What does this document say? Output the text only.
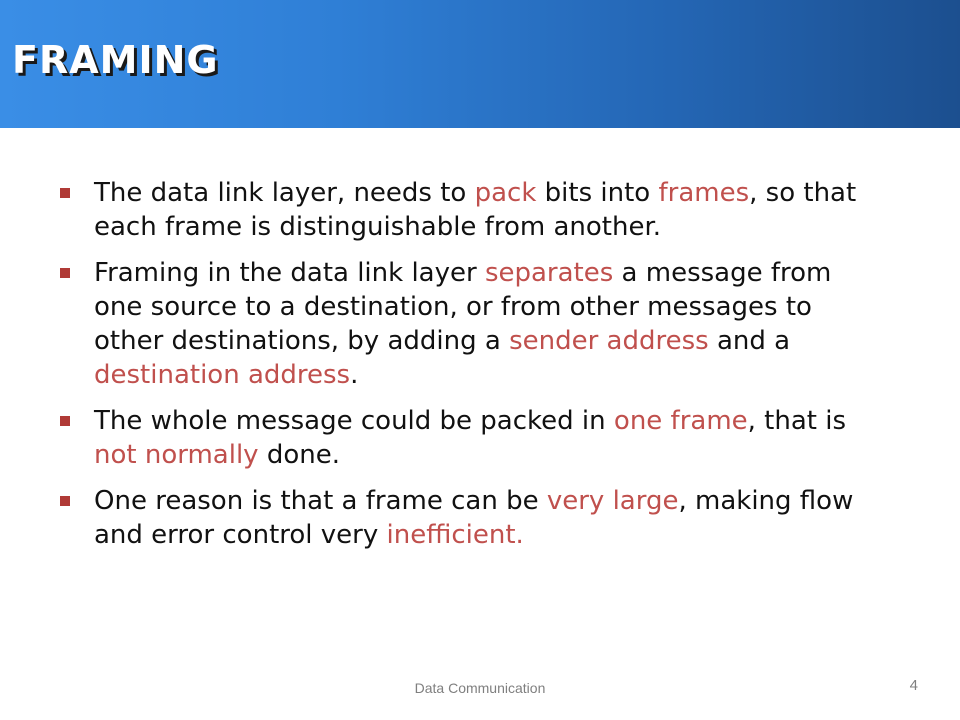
FRAMING
The data link layer, needs to pack bits into frames, so that each frame is distinguishable from another.
Framing in the data link layer separates a message from one source to a destination, or from other messages to other destinations, by adding a sender address and a destination address.
The whole message could be packed in one frame, that is not normally done.
One reason is that a frame can be very large, making flow and error control very inefficient.
Data Communication	4
